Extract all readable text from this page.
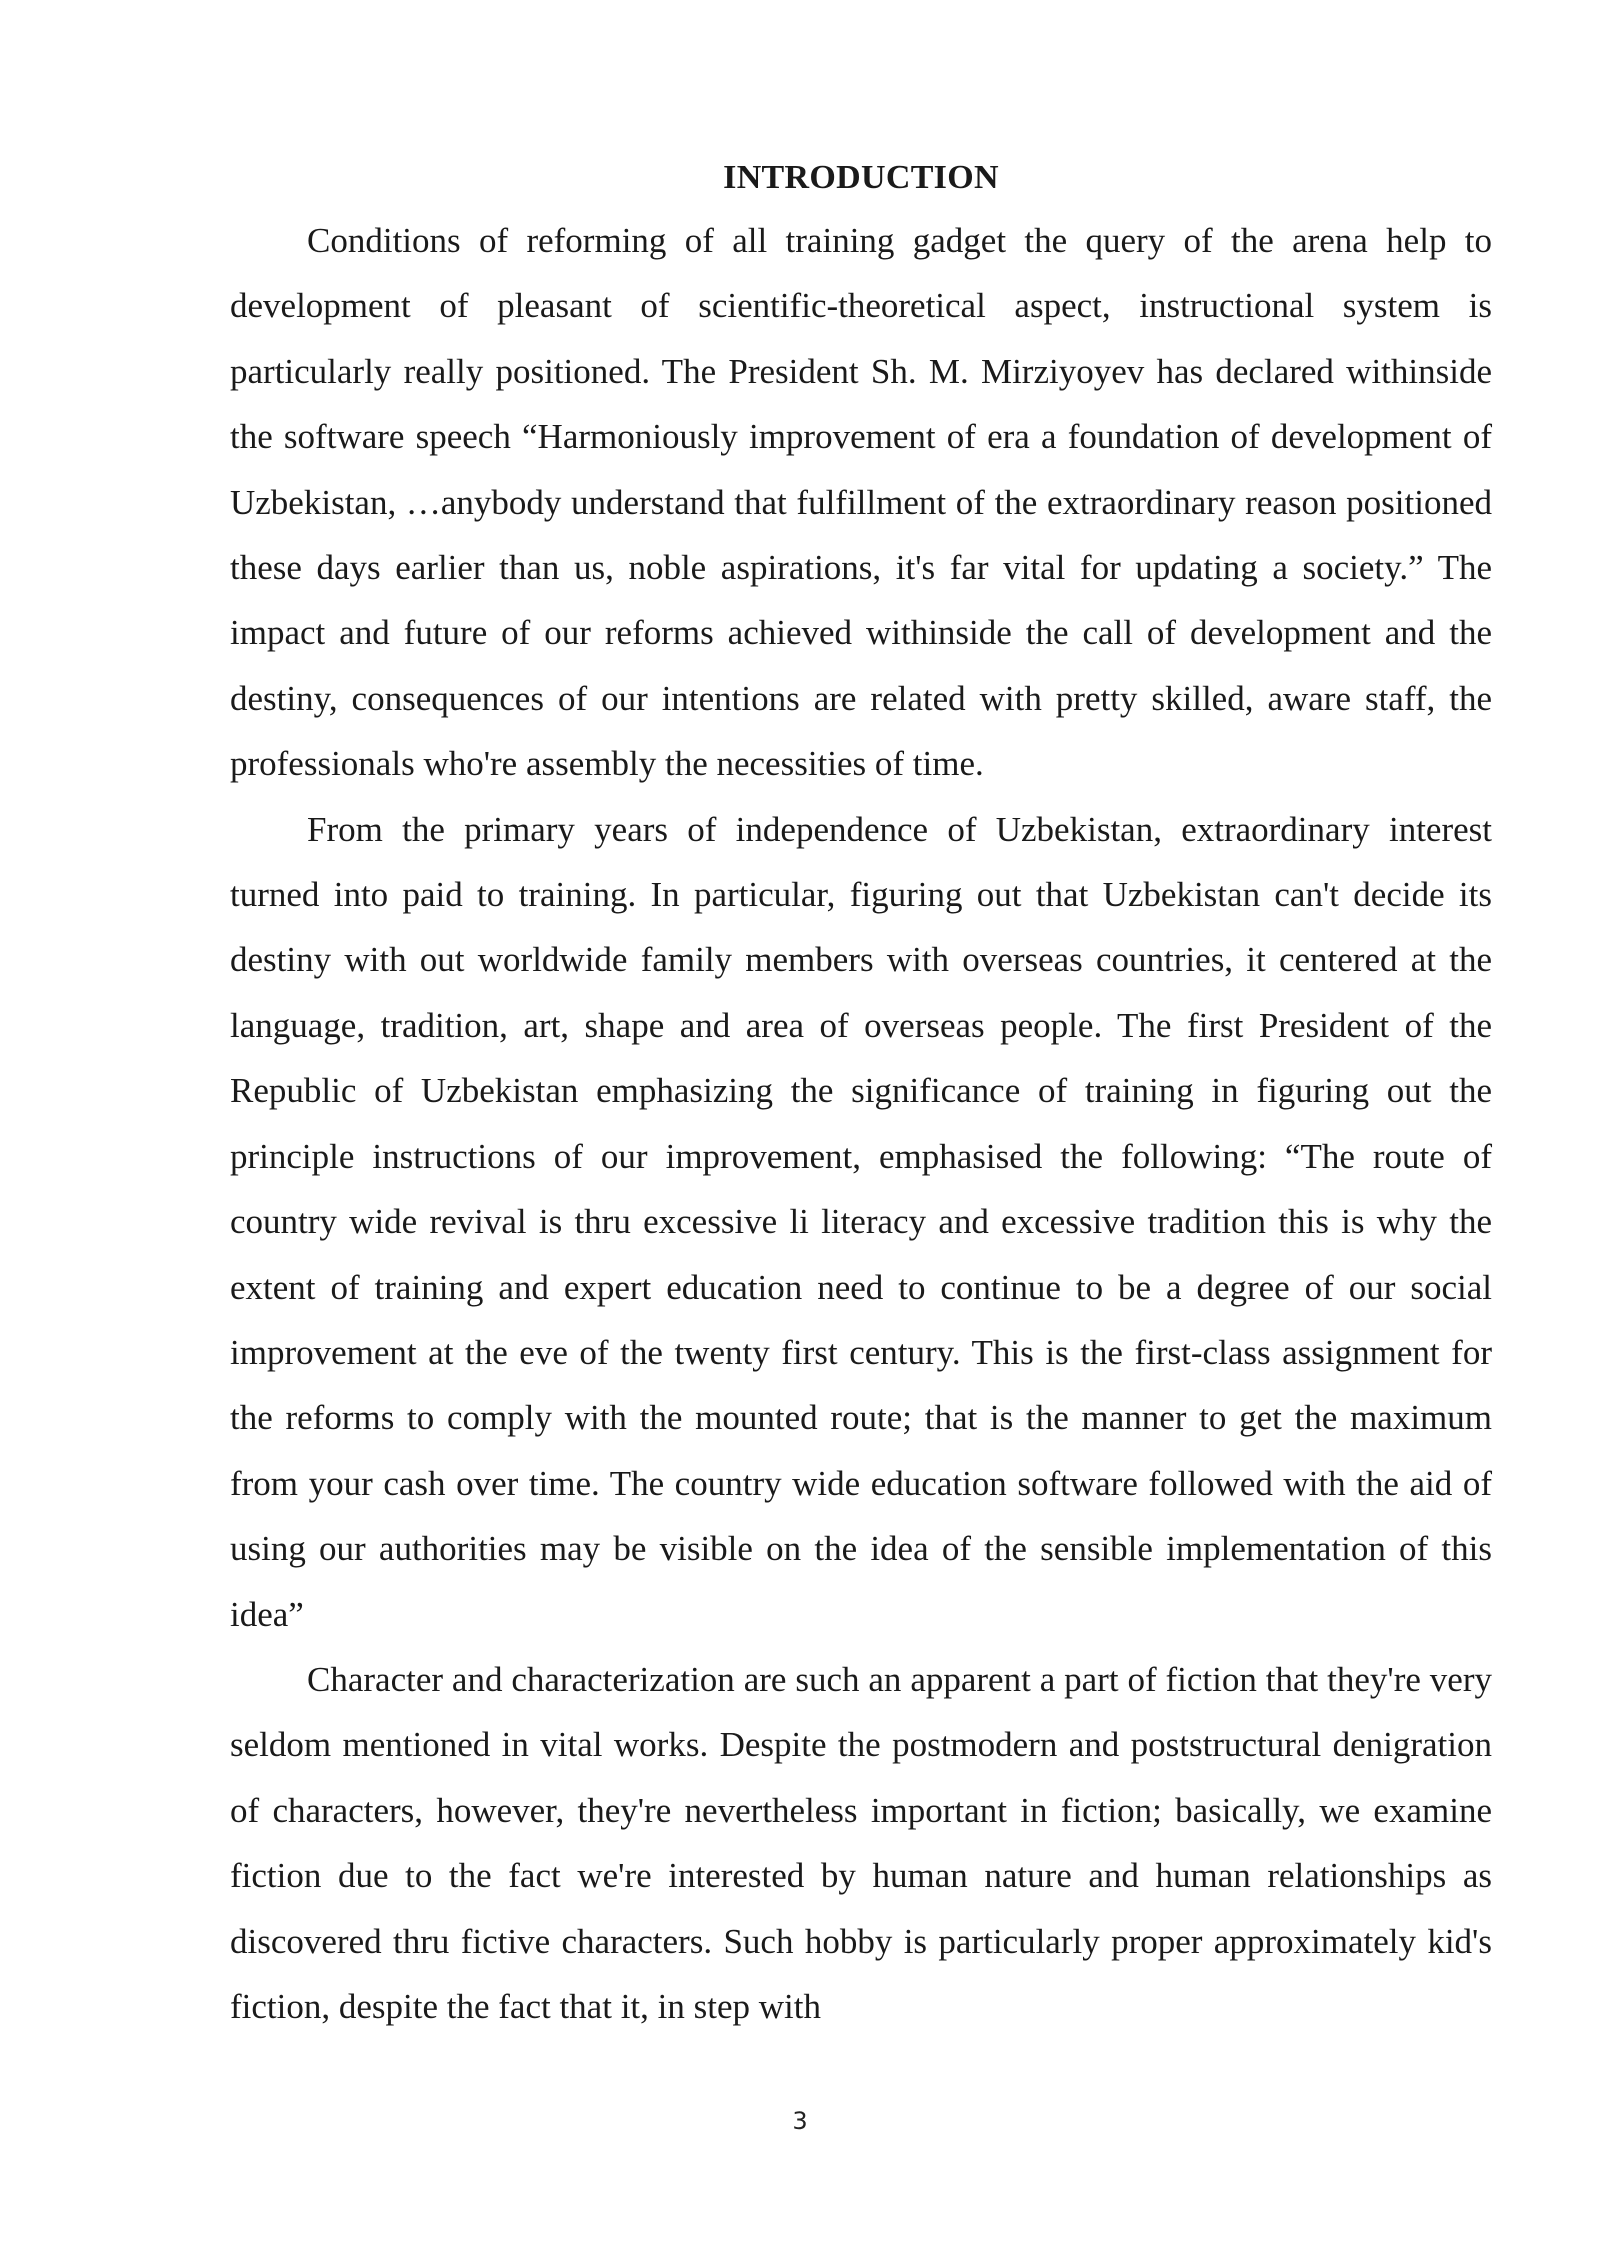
INTRODUCTION

Conditions of reforming of all training gadget the query of the arena help to development of pleasant of scientific-theoretical aspect, instructional system is particularly really positioned. The President Sh. M. Mirziyoyev has declared withinside the software speech “Harmoniously improvement of era a foundation of development of Uzbekistan, …anybody understand that fulfillment of the extraordinary reason positioned these days earlier than us, noble aspirations, it's far vital for updating a society.” The impact and future of our reforms achieved withinside the call of development and the destiny, consequences of our intentions are related with pretty skilled, aware staff, the professionals who're assembly the necessities of time.

From the primary years of independence of Uzbekistan, extraordinary interest turned into paid to training. In particular, figuring out that Uzbekistan can't decide its destiny with out worldwide family members with overseas countries, it centered at the language, tradition, art, shape and area of overseas people. The first President of the Republic of Uzbekistan emphasizing the significance of training in figuring out the principle instructions of our improvement, emphasised the following: “The route of country wide revival is thru excessive li literacy and excessive tradition this is why the extent of training and expert education need to continue to be a degree of our social improvement at the eve of the twenty first century. This is the first-class assignment for the reforms to comply with the mounted route; that is the manner to get the maximum from your cash over time. The country wide education software followed with the aid of using our authorities may be visible on the idea of the sensible implementation of this idea”

Character and characterization are such an apparent a part of fiction that they're very seldom mentioned in vital works. Despite the postmodern and poststructural denigration of characters, however, they're nevertheless important in fiction; basically, we examine fiction due to the fact we're interested by human nature and human relationships as discovered thru fictive characters. Such hobby is particularly proper approximately kid's fiction, despite the fact that it, in step with

3
